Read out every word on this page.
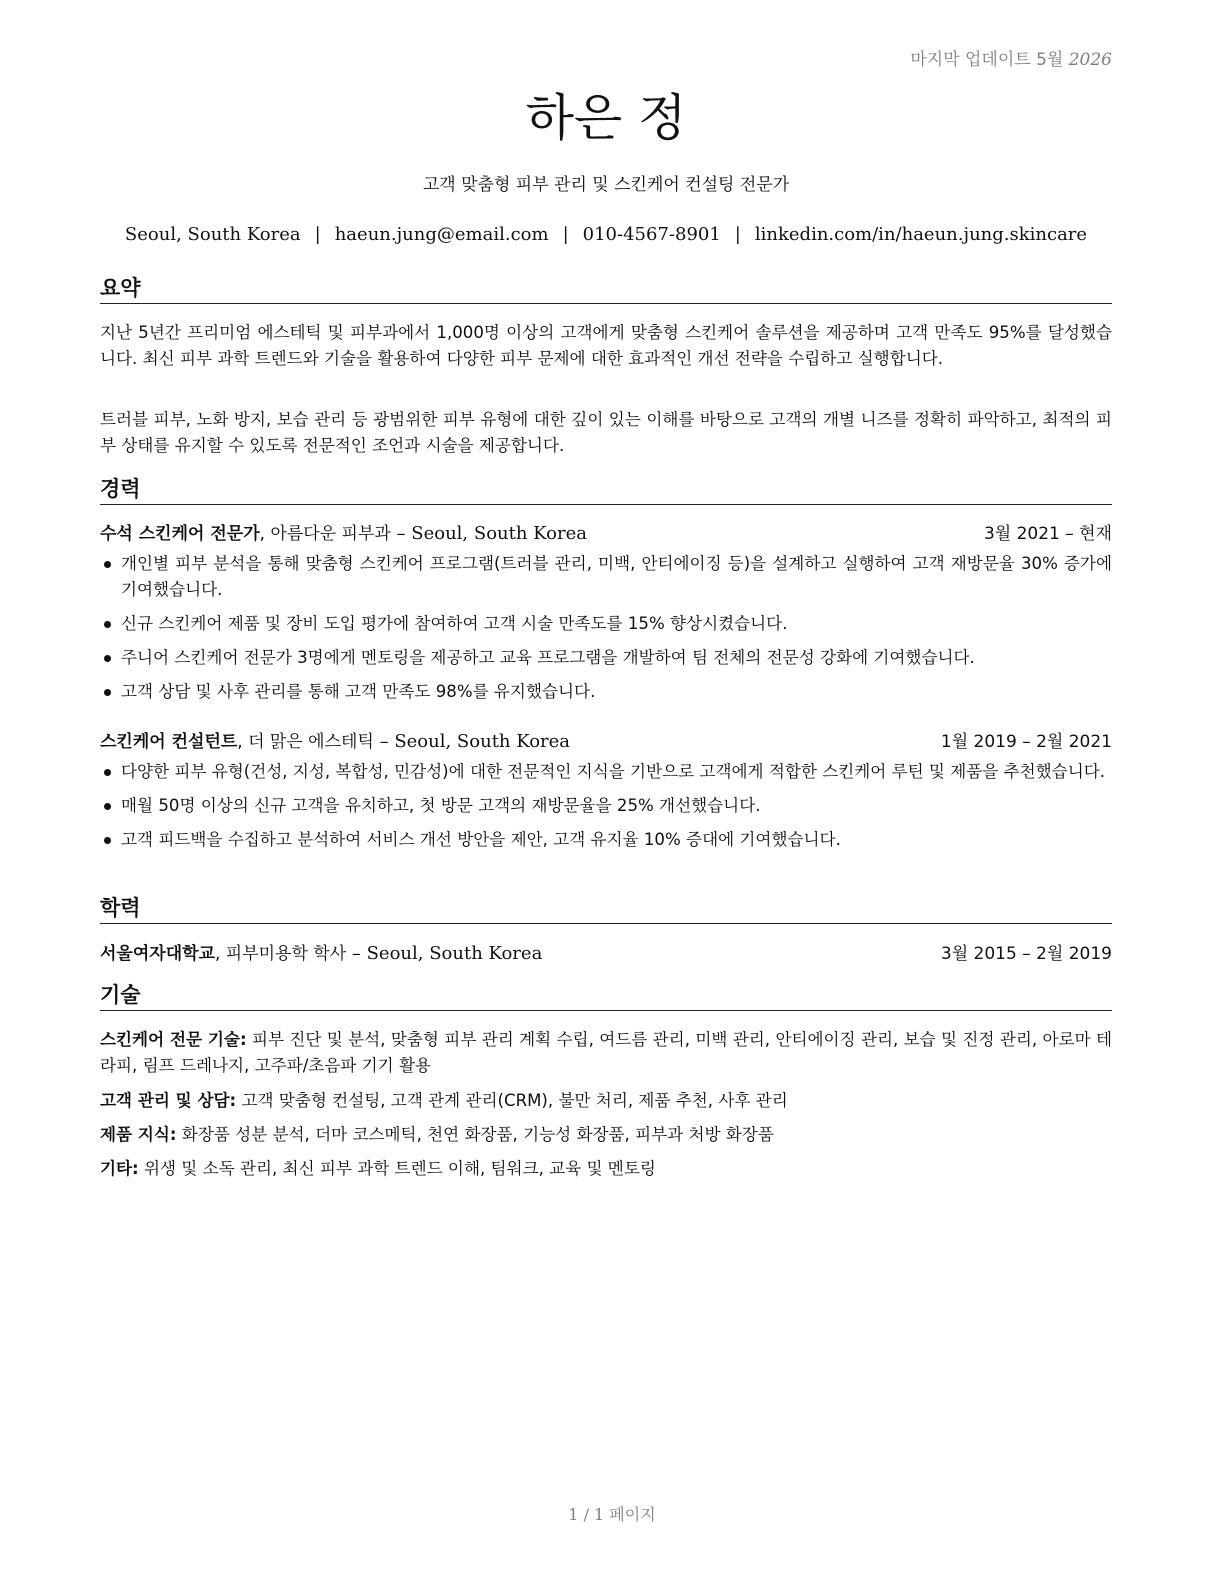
마지막 업데이트 5월 2026
하은 정
고객 맞춤형 피부 관리 및 스킨케어 컨설팅 전문가
Seoul, South Korea | haeun.jung@email.com | 010-4567-8901 | linkedin.com/in/haeun.jung.skincare
요약

지난 5년간 프리미엄 에스테틱 및 피부과에서 1,000명 이상의 고객에게 맞춤형 스킨케어 솔루션을 제공하며 고객 만족도 95%를 달성했습니다. 최신 피부 과학 트렌드와 기술을 활용하여 다양한 피부 문제에 대한 효과적인 개선 전략을 수립하고 실행합니다.

트러블 피부, 노화 방지, 보습 관리 등 광범위한 피부 유형에 대한 깊이 있는 이해를 바탕으로 고객의 개별 니즈를 정확히 파악하고, 최적의 피부 상태를 유지할 수 있도록 전문적인 조언과 시술을 제공합니다.

경력
수석 스킨케어 전문가, 아름다운 피부과 – Seoul, South Korea	3월 2021 – 현재
개인별 피부 분석을 통해 맞춤형 스킨케어 프로그램(트러블 관리, 미백, 안티에이징 등)을 설계하고 실행하여 고객 재방문율 30% 증가에 기여했습니다.
신규 스킨케어 제품 및 장비 도입 평가에 참여하여 고객 시술 만족도를 15% 향상시켰습니다.
주니어 스킨케어 전문가 3명에게 멘토링을 제공하고 교육 프로그램을 개발하여 팀 전체의 전문성 강화에 기여했습니다.
고객 상담 및 사후 관리를 통해 고객 만족도 98%를 유지했습니다.
스킨케어 컨설턴트, 더 맑은 에스테틱 – Seoul, South Korea	1월 2019 – 2월 2021
다양한 피부 유형(건성, 지성, 복합성, 민감성)에 대한 전문적인 지식을 기반으로 고객에게 적합한 스킨케어 루틴 및 제품을 추천했습니다.
매월 50명 이상의 신규 고객을 유치하고, 첫 방문 고객의 재방문율을 25% 개선했습니다.
고객 피드백을 수집하고 분석하여 서비스 개선 방안을 제안, 고객 유지율 10% 증대에 기여했습니다.
학력
서울여자대학교, 피부미용학 학사 – Seoul, South Korea	3월 2015 – 2월 2019
기술
스킨케어 전문 기술: 피부 진단 및 분석, 맞춤형 피부 관리 계획 수립, 여드름 관리, 미백 관리, 안티에이징 관리, 보습 및 진정 관리, 아로마 테라피, 림프 드레나지, 고주파/초음파 기기 활용
고객 관리 및 상담: 고객 맞춤형 컨설팅, 고객 관계 관리(CRM), 불만 처리, 제품 추천, 사후 관리
제품 지식: 화장품 성분 분석, 더마 코스메틱, 천연 화장품, 기능성 화장품, 피부과 처방 화장품
기타: 위생 및 소독 관리, 최신 피부 과학 트렌드 이해, 팀워크, 교육 및 멘토링
1 / 1 페이지
